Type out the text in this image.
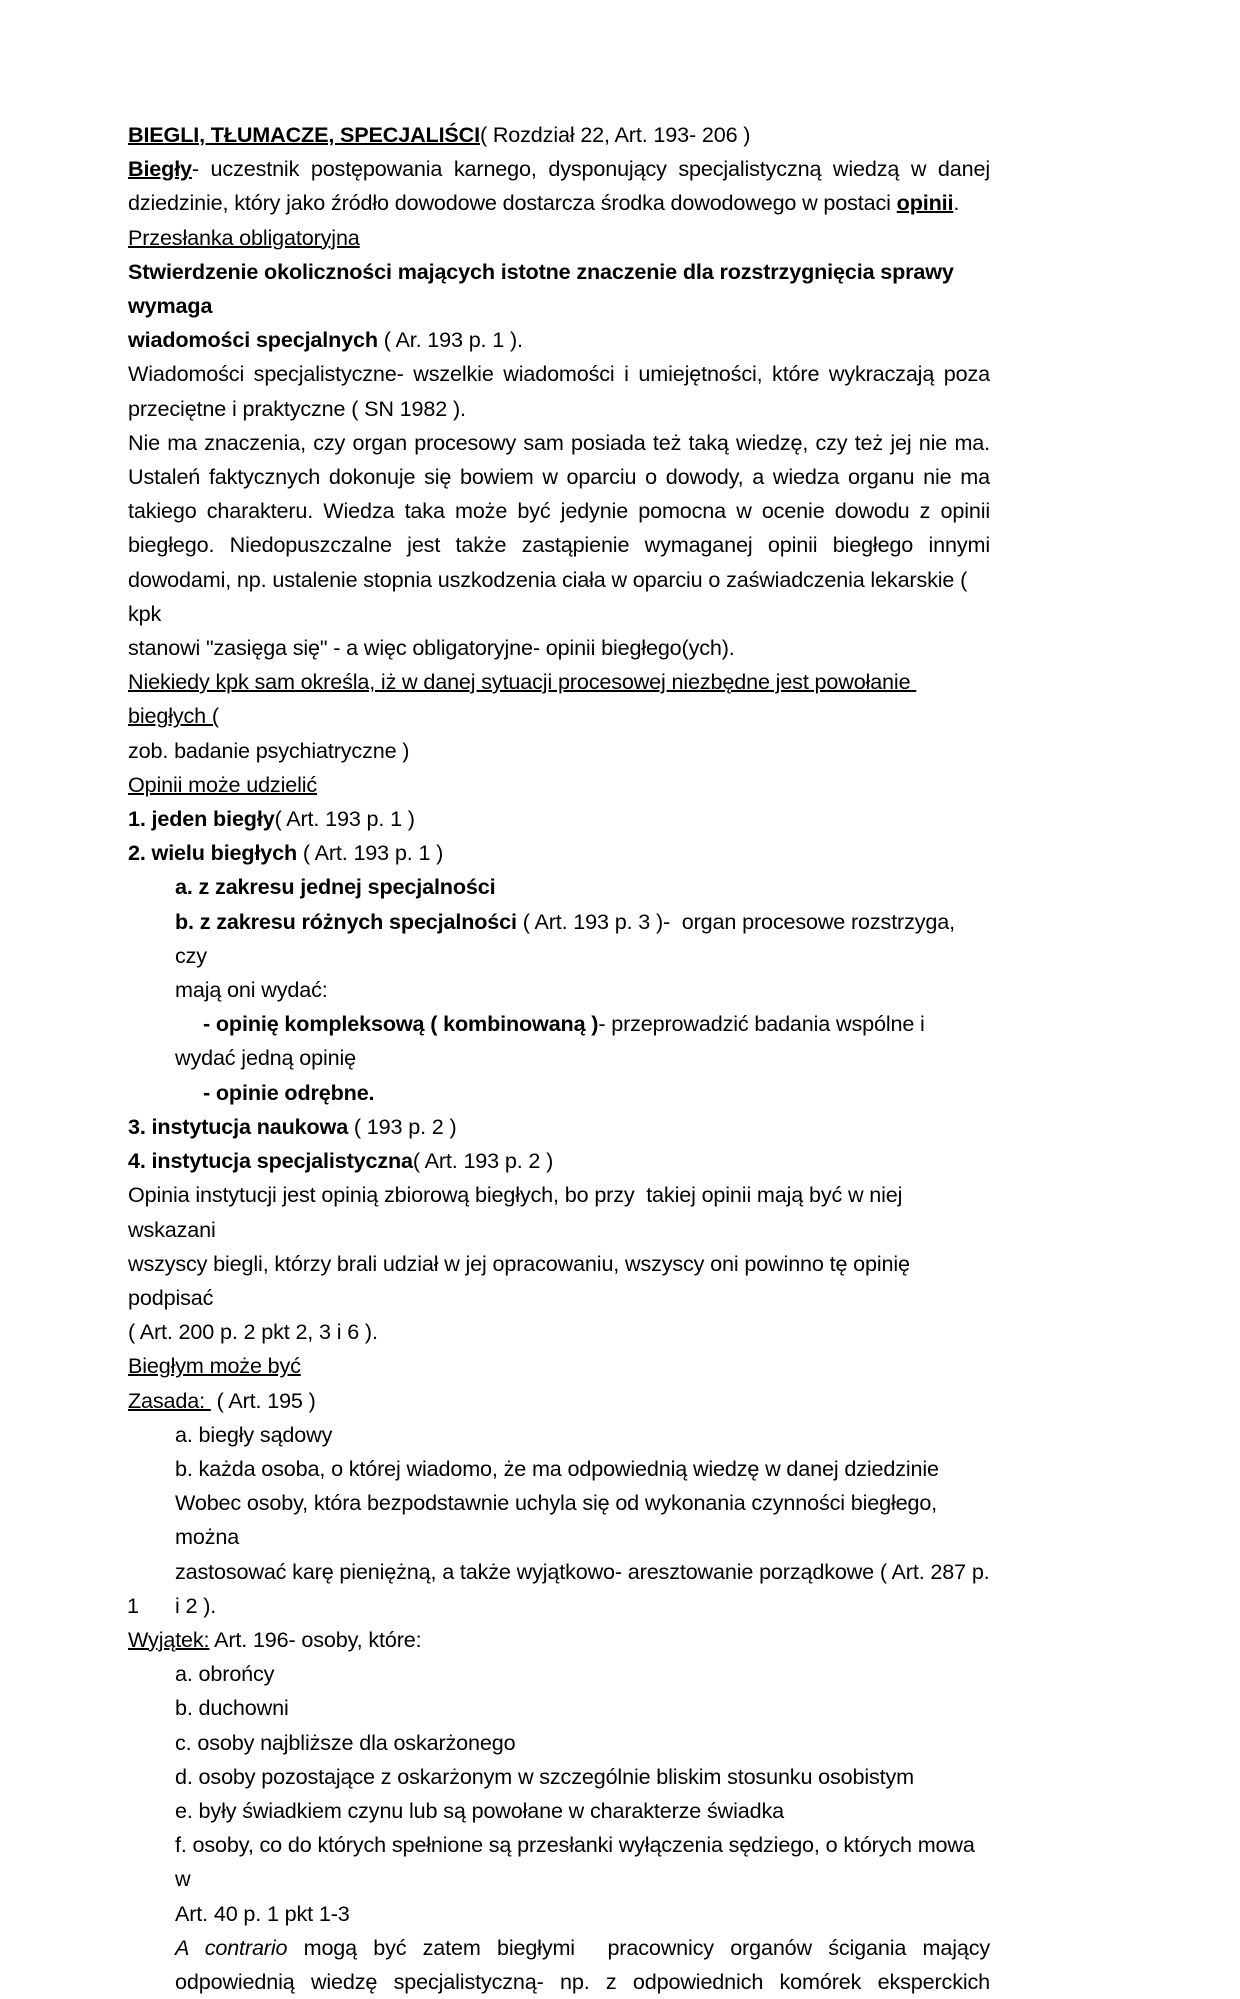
BIEGLI, TŁUMACZE, SPECJALIŚCI( Rozdział 22, Art. 193- 206 )
Biegły- uczestnik postępowania karnego, dysponujący specjalistyczną wiedzą w danej
dziedzinie, który jako źródło dowodowe dostarcza środka dowodowego w postaci opinii.
Przesłanka obligatoryjna
Stwierdzenie okoliczności mających istotne znaczenie dla rozstrzygnięcia sprawy wymaga
wiadomości specjalnych ( Ar. 193 p. 1 ).
Wiadomości specjalistyczne- wszelkie wiadomości i umiejętności, które wykraczają poza
przeciętne i praktyczne ( SN 1982 ).
Nie ma znaczenia, czy organ procesowy sam posiada też taką wiedzę, czy też jej nie ma.
Ustaleń faktycznych dokonuje się bowiem w oparciu o dowody, a wiedza organu nie ma
takiego charakteru. Wiedza taka może być jedynie pomocna w ocenie dowodu z opinii
biegłego. Niedopuszczalne jest także zastąpienie wymaganej opinii biegłego innymi
dowodami, np. ustalenie stopnia uszkodzenia ciała w oparciu o zaświadczenia lekarskie ( kpk
stanowi "zasięga się" - a więc obligatoryjne- opinii biegłego(ych).
Niekiedy kpk sam określa, iż w danej sytuacji procesowej niezbędne jest powołanie biegłych (
zob. badanie psychiatryczne )
Opinii może udzielić
1. jeden biegły( Art. 193 p. 1 )
2. wielu biegłych ( Art. 193 p. 1 )
a. z zakresu jednej specjalności
b. z zakresu różnych specjalności ( Art. 193 p. 3 )-  organ procesowe rozstrzyga, czy
mają oni wydać:
- opinię kompleksową ( kombinowaną )- przeprowadzić badania wspólne i
wydać jedną opinię
- opinie odrębne.
3. instytucja naukowa ( 193 p. 2 )
4. instytucja specjalistyczna( Art. 193 p. 2 )
Opinia instytucji jest opinią zbiorową biegłych, bo przy  takiej opinii mają być w niej wskazani
wszyscy biegli, którzy brali udział w jej opracowaniu, wszyscy oni powinno tę opinię podpisać
( Art. 200 p. 2 pkt 2, 3 i 6 ).
Biegłym może być
Zasada:  ( Art. 195 )
a. biegły sądowy
b. każda osoba, o której wiadomo, że ma odpowiednią wiedzę w danej dziedzinie
Wobec osoby, która bezpodstawnie uchyla się od wykonania czynności biegłego, można
zastosować karę pieniężną, a także wyjątkowo- aresztowanie porządkowe ( Art. 287 p.
1 i 2 ).
Wyjątek: Art. 196- osoby, które:
a. obrońcy
b. duchowni
c. osoby najbliższe dla oskarżonego
d. osoby pozostające z oskarżonym w szczególnie bliskim stosunku osobistym
e. były świadkiem czynu lub są powołane w charakterze świadka
f. osoby, co do których spełnione są przesłanki wyłączenia sędziego, o których mowa w
Art. 40 p. 1 pkt 1-3
A contrario mogą być zatem biegłymi  pracownicy organów ścigania mający
odpowiednią wiedzę specjalistyczną- np. z odpowiednich komórek eksperckich
